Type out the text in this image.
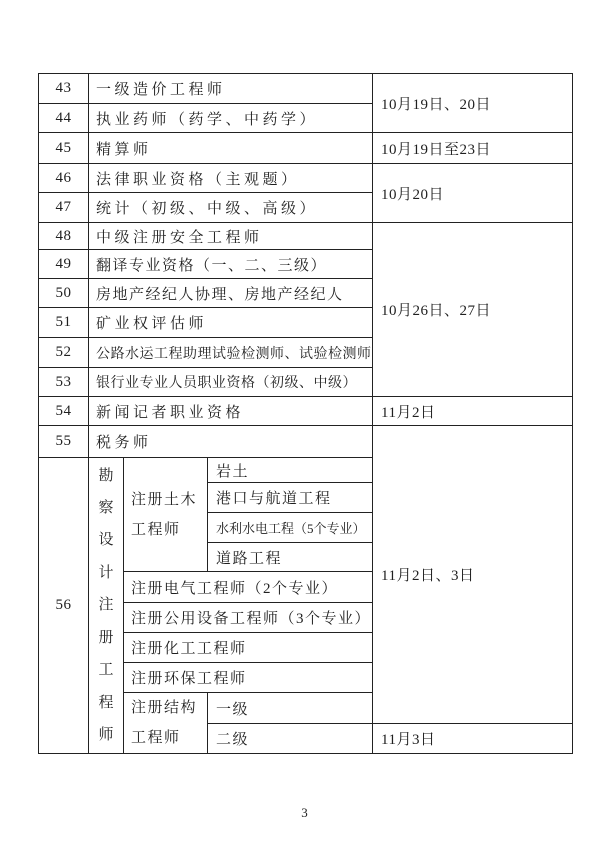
43	一级造价工程师			10月19日、20日
44	执业药师（药学、中药学）			
45	精算师			10月19日至23日
46	法律职业资格（主观题）			10月20日
47	统计（初级、中级、高级）			
48	中级注册安全工程师			10月26日、27日
49	翻译专业资格（一、二、三级）			
50	房地产经纪人协理、房地产经纪人			
51	矿业权评估师			
52	公路水运工程助理试验检测师、试验检测师			
53	银行业专业人员职业资格（初级、中级）			
54	新闻记者职业资格			11月2日
55	税务师			11月2日、3日
56	勘察设计注册工程师	注册土木工程师	岩土	
			港口与航道工程	
			水利水电工程（5个专业）	
			道路工程	
		注册电气工程师（2个专业）		
		注册公用设备工程师（3个专业）		
		注册化工工程师		
		注册环保工程师		
		注册结构工程师	一级	
			二级	11月3日
3
